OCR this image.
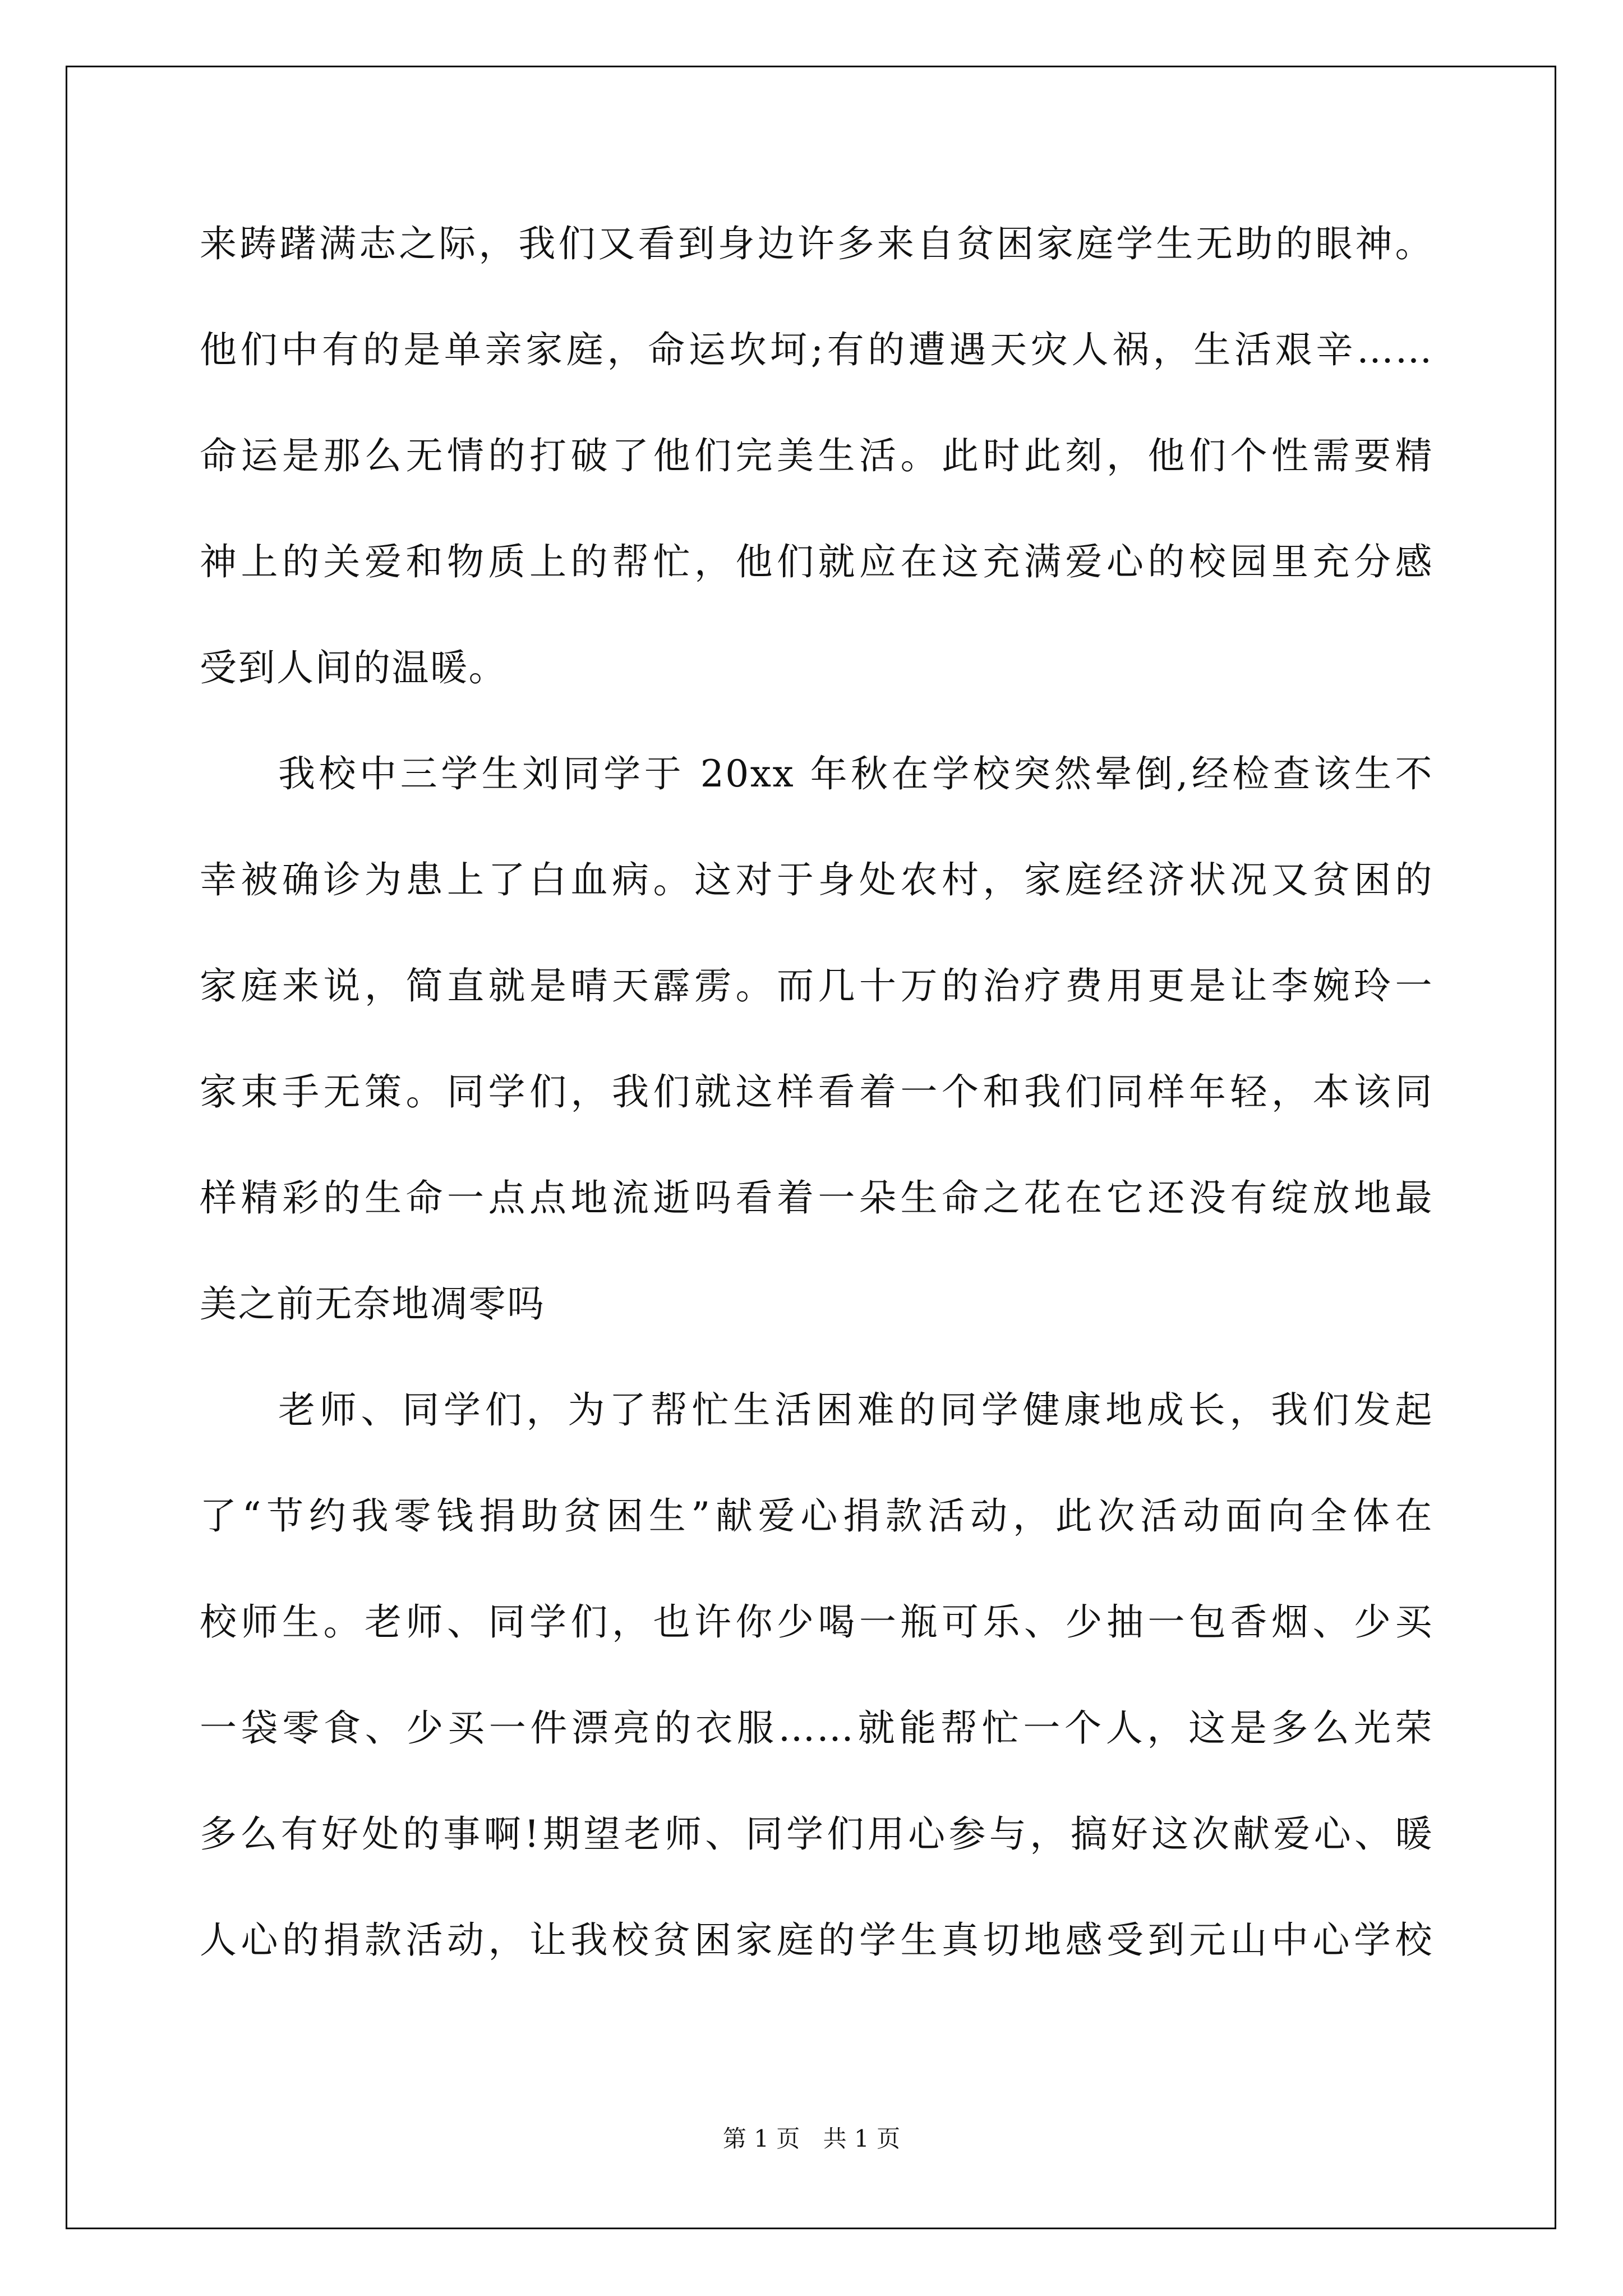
来踌躇满志之际，我们又看到身边许多来自贫困家庭学生无助的眼神。
他们中有的是单亲家庭，命运坎坷;有的遭遇天灾人祸，生活艰辛……
命运是那么无情的打破了他们完美生活。此时此刻，他们个性需要精
神上的关爱和物质上的帮忙，他们就应在这充满爱心的校园里充分感
受到人间的温暖。
我校中三学生刘同学于 20xx 年秋在学校突然晕倒,经检查该生不
幸被确诊为患上了白血病。这对于身处农村，家庭经济状况又贫困的
家庭来说，简直就是晴天霹雳。而几十万的治疗费用更是让李婉玲一
家束手无策。同学们，我们就这样看着一个和我们同样年轻，本该同
样精彩的生命一点点地流逝吗看着一朵生命之花在它还没有绽放地最
美之前无奈地凋零吗
老师、同学们，为了帮忙生活困难的同学健康地成长，我们发起
了“节约我零钱捐助贫困生”献爱心捐款活动，此次活动面向全体在
校师生。老师、同学们，也许你少喝一瓶可乐、少抽一包香烟、少买
一袋零食、少买一件漂亮的衣服……就能帮忙一个人，这是多么光荣
多么有好处的事啊!期望老师、同学们用心参与，搞好这次献爱心、暖
人心的捐款活动，让我校贫困家庭的学生真切地感受到元山中心学校
第 1 页 共 1 页
